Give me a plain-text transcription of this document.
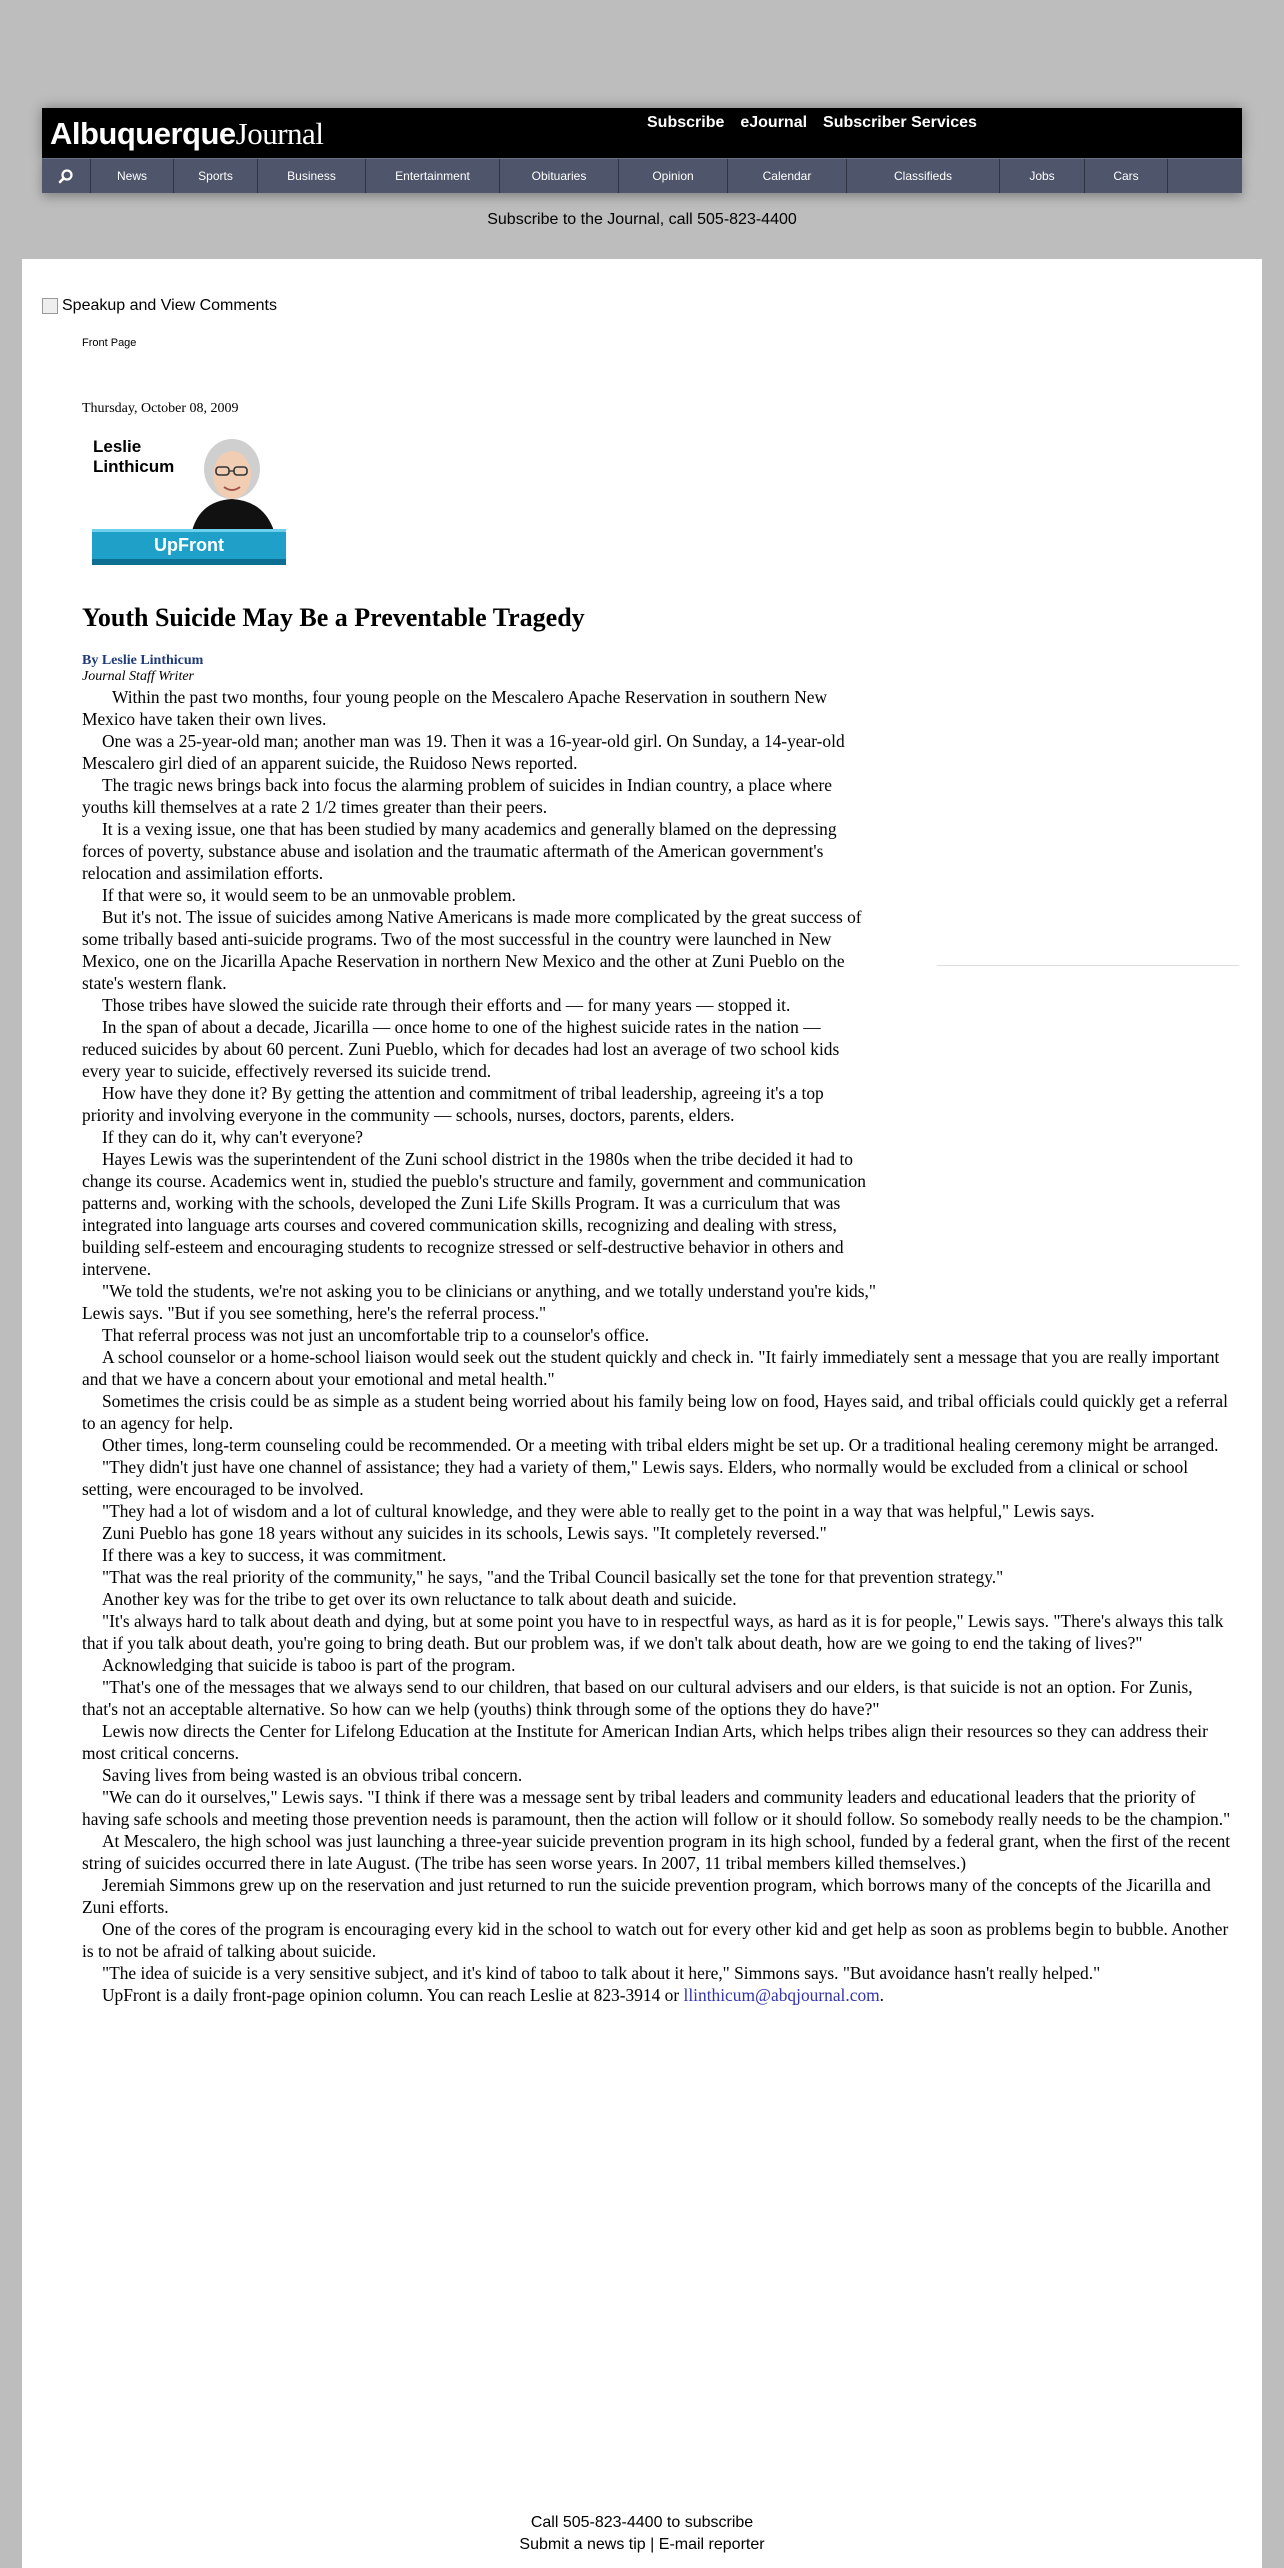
AlbuquerqueJournal	Subscribe eJournal Subscriber Services
News	Sports	Business	Entertainment	Obituaries	Opinion	Calendar	Classifieds	Jobs	Cars
Subscribe to the Journal, call 505-823-4400
Speakup and View Comments
Front Page
Thursday, October 08, 2009
Leslie
Linthicum
UpFront
Youth Suicide May Be a Preventable Tragedy
By Leslie Linthicum
Journal Staff Writer

Within the past two months, four young people on the Mescalero Apache Reservation in southern New Mexico have taken their own lives.

One was a 25-year-old man; another man was 19. Then it was a 16-year-old girl. On Sunday, a 14-year-old Mescalero girl died of an apparent suicide, the Ruidoso News reported.

The tragic news brings back into focus the alarming problem of suicides in Indian country, a place where youths kill themselves at a rate 2 1/2 times greater than their peers.

It is a vexing issue, one that has been studied by many academics and generally blamed on the depressing forces of poverty, substance abuse and isolation and the traumatic aftermath of the American government's relocation and assimilation efforts.

If that were so, it would seem to be an unmovable problem.

But it's not. The issue of suicides among Native Americans is made more complicated by the great success of some tribally based anti-suicide programs. Two of the most successful in the country were launched in New Mexico, one on the Jicarilla Apache Reservation in northern New Mexico and the other at Zuni Pueblo on the state's western flank.

Those tribes have slowed the suicide rate through their efforts and — for many years — stopped it.

In the span of about a decade, Jicarilla — once home to one of the highest suicide rates in the nation — reduced suicides by about 60 percent. Zuni Pueblo, which for decades had lost an average of two school kids every year to suicide, effectively reversed its suicide trend.

How have they done it? By getting the attention and commitment of tribal leadership, agreeing it's a top priority and involving everyone in the community — schools, nurses, doctors, parents, elders.

If they can do it, why can't everyone?

Hayes Lewis was the superintendent of the Zuni school district in the 1980s when the tribe decided it had to change its course. Academics went in, studied the pueblo's structure and family, government and communication patterns and, working with the schools, developed the Zuni Life Skills Program. It was a curriculum that was integrated into language arts courses and covered communication skills, recognizing and dealing with stress, building self-esteem and encouraging students to recognize stressed or self-destructive behavior in others and intervene.

"We told the students, we're not asking you to be clinicians or anything, and we totally understand you're kids," Lewis says. "But if you see something, here's the referral process."

That referral process was not just an uncomfortable trip to a counselor's office.

A school counselor or a home-school liaison would seek out the student quickly and check in. "It fairly immediately sent a message that you are really important and that we have a concern about your emotional and metal health."

Sometimes the crisis could be as simple as a student being worried about his family being low on food, Hayes said, and tribal officials could quickly get a referral to an agency for help.

Other times, long-term counseling could be recommended. Or a meeting with tribal elders might be set up. Or a traditional healing ceremony might be arranged.

"They didn't just have one channel of assistance; they had a variety of them," Lewis says. Elders, who normally would be excluded from a clinical or school setting, were encouraged to be involved.

"They had a lot of wisdom and a lot of cultural knowledge, and they were able to really get to the point in a way that was helpful," Lewis says.

Zuni Pueblo has gone 18 years without any suicides in its schools, Lewis says. "It completely reversed."

If there was a key to success, it was commitment.

"That was the real priority of the community," he says, "and the Tribal Council basically set the tone for that prevention strategy."

Another key was for the tribe to get over its own reluctance to talk about death and suicide.

"It's always hard to talk about death and dying, but at some point you have to in respectful ways, as hard as it is for people," Lewis says. "There's always this talk that if you talk about death, you're going to bring death. But our problem was, if we don't talk about death, how are we going to end the taking of lives?"

Acknowledging that suicide is taboo is part of the program.

"That's one of the messages that we always send to our children, that based on our cultural advisers and our elders, is that suicide is not an option. For Zunis, that's not an acceptable alternative. So how can we help (youths) think through some of the options they do have?"

Lewis now directs the Center for Lifelong Education at the Institute for American Indian Arts, which helps tribes align their resources so they can address their most critical concerns.

Saving lives from being wasted is an obvious tribal concern.

"We can do it ourselves," Lewis says. "I think if there was a message sent by tribal leaders and community leaders and educational leaders that the priority of having safe schools and meeting those prevention needs is paramount, then the action will follow or it should follow. So somebody really needs to be the champion."

At Mescalero, the high school was just launching a three-year suicide prevention program in its high school, funded by a federal grant, when the first of the recent string of suicides occurred there in late August. (The tribe has seen worse years. In 2007, 11 tribal members killed themselves.)

Jeremiah Simmons grew up on the reservation and just returned to run the suicide prevention program, which borrows many of the concepts of the Jicarilla and Zuni efforts.

One of the cores of the program is encouraging every kid in the school to watch out for every other kid and get help as soon as problems begin to bubble. Another is to not be afraid of talking about suicide.

"The idea of suicide is a very sensitive subject, and it's kind of taboo to talk about it here," Simmons says. "But avoidance hasn't really helped."

UpFront is a daily front-page opinion column. You can reach Leslie at 823-3914 or llinthicum@abqjournal.com.

Call 505-823-4400 to subscribe
Submit a news tip | E-mail reporter
